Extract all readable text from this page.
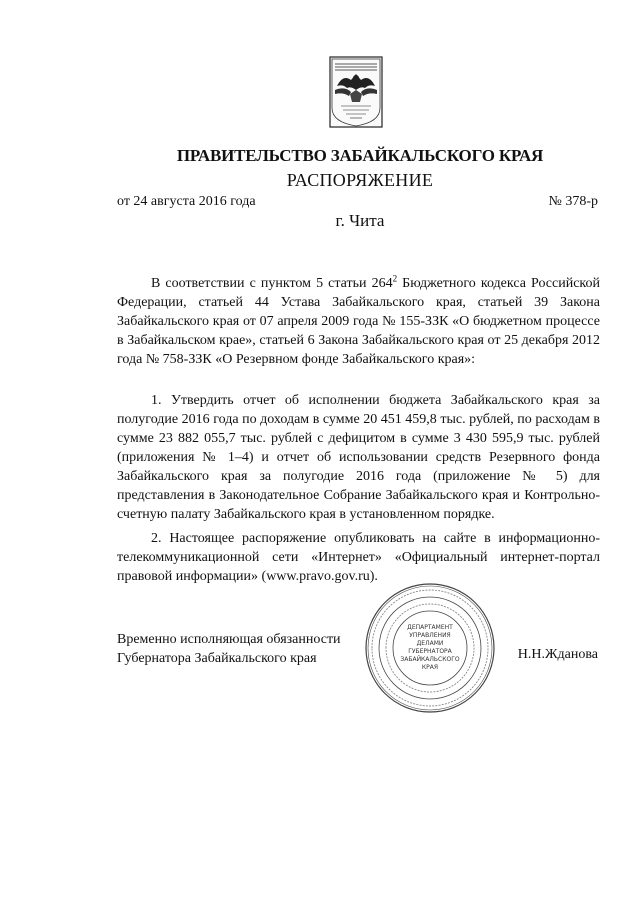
ПРАВИТЕЛЬСТВО ЗАБАЙКАЛЬСКОГО КРАЯ
РАСПОРЯЖЕНИЕ
от 24 августа 2016 года	№ 378-р
г. Чита
В соответствии с пунктом 5 статьи $264^2$ Бюджетного кодекса Российской Федерации, статьей 44 Устава Забайкальского края, статьей 39 Закона Забайкальского края от 07 апреля 2009 года № 155-ЗЗК «О бюджетном процессе в Забайкальском крае», статьей 6 Закона Забайкальского края от 25 декабря 2012 года № 758-ЗЗК «О Резервном фонде Забайкальского края»:
1. Утвердить отчет об исполнении бюджета Забайкальского края за полугодие 2016 года по доходам в сумме 20 451 459,8 тыс. рублей, по расходам в сумме 23 882 055,7 тыс. рублей с дефицитом в сумме 3 430 595,9 тыс. рублей (приложения № 1–4) и отчет об использовании средств Резервного фонда Забайкальского края за полугодие 2016 года (приложение № 5) для представления в Законодательное Собрание Забайкальского края и Контрольно-счетную палату Забайкальского края в установленном порядке.
2. Настоящее распоряжение опубликовать на сайте в информационно-телекоммуникационной сети «Интернет» «Официальный интернет-портал правовой информации» (www.pravo.gov.ru).
Временно исполняющая обязанности
Губернатора Забайкальского края
ДЕПАРТАМЕНТ
УПРАВЛЕНИЯ
ДЕЛАМИ
ГУБЕРНАТОРА
ЗАБАЙКАЛЬСКОГО
КРАЯ
Н.Н.Жданова
